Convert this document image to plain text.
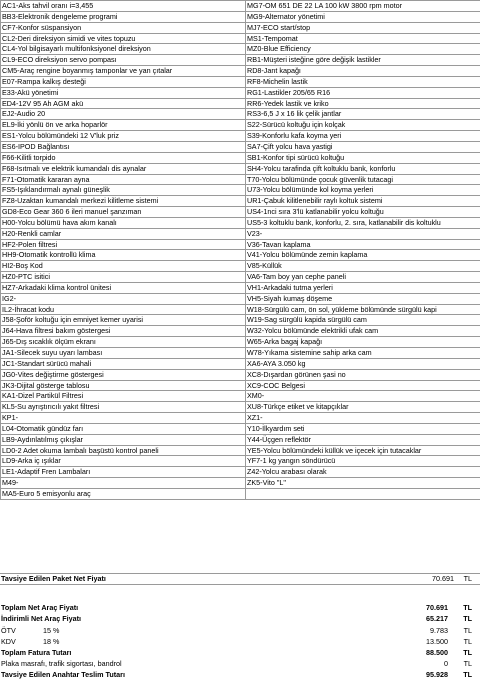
AC1-Aks tahvil oranı i=3,455	MG7-OM 651 DE 22 LA 100 kW 3800 rpm motor
BB3-Elektronik dengeleme programi	MG9-Alternator yönetimi
CF7-Konfor süspansiyon	MJ7-ECO start/stop
CL2-Deri direksiyon simidi ve vites topuzu	MS1-Tempomat
CL4-Yol bilgisayarlı multifonksiyonel direksiyon	MZ0-Blue Efficiency
CL9-ECO direksiyon servo pompası	RB1-Müşteri isteğine göre değişik lastikler
CM5-Araç rengine boyanmış tamponlar ve yan çıtalar	RD8-Jant kapağı
E07-Rampa kalkış desteği	RF8-Michelin lastik
E33-Akü yönetimi	RG1-Lastikler 205/65 R16
ED4-12V 95 Ah AGM akü	RR6-Yedek lastik ve kriko
EJ2-Audio 20	RS3-6,5 J x 16 lik çelik jantlar
EL9-İki yönlü ön ve arka hoparlör	S22-Sürücü koltuğu için kolçak
ES1-Yolcu bölümündeki 12 V'luk priz	S39-Konforlu kafa koyma yeri
ES6-IPOD Bağlantısı	SA7-Çift yolcu hava yastigi
F66-Kilitli torpido	SB1-Konfor tipi sürücü koltuğu
F68-Isıtmalı ve elektrik kumandalı dis aynalar	SH4-Yolcu tarafinda çift koltuklu bank, konforlu
F71-Otomatik kararan ayna	T70-Yolcu bölümünde çocuk güvenlik tutacagi
FS5-Işıklandırmalı aynalı güneşlik	U73-Yolcu bölümünde kol koyma yerleri
FZ8-Uzaktan kumandalı merkezi kilitleme sistemi	UR1-Çabuk kilitlenebilir raylı koltuk sistemi
GD8-Eco Gear 360 6 ileri manuel şanzıman	US4-1nci sıra 3'lü katlanabilir yolcu koltuğu
H00-Yolcu bölümü hava akım kanalı	US5-3 koltuklu bank, konforlu, 2. sıra, katlanabilir dis koltuklu
H20-Renkli camlar	V23-
HF2-Polen filtresi	V36-Tavan kaplama
HH9-Otomatik kontrollü klima	V41-Yolcu bölümünde zemin kaplama
HI2-Boş Kod	V85-Küllük
HZ0-PTC isitici	VA6-Tam boy yan cephe paneli
HZ7-Arkadaki klima kontrol ünitesi	VH1-Arkadaki tutma yerleri
IG2-	VH5-Siyah kumaş döşeme
IL2-İhracat kodu	W18-Sürgülü cam, ön sol, yükleme bölümünde sürgülü kapi
J58-Şoför koltuğu için emniyet kemer uyarisi	W19-Sag sürgülü kapida sürgülü cam
J64-Hava filtresi bakım göstergesi	W32-Yolcu bölümünde elektrikli ufak cam
J65-Dış sıcaklık ölçüm ekranı	W65-Arka bagaj kapağı
JA1-Silecek suyu uyarı lambası	W78-Yıkama sistemine sahip arka cam
JC1-Standart sürücü mahali	XA6-AYA 3.050 kg
JG0-Vites değiştirme göstergesi	XC8-Dışardan görünen şasi no
JK3-Dijital gösterge tablosu	XC9-COC Belgesi
KA1-Dizel Partikül Filtresi	XM0-
KL5-Su ayrıştırıcılı yakıt filtresi	XU8-Türkçe etiket ve kitapçıklar
KP1-	XZ1-
L04-Otomatik gündüz farı	Y10-İlkyardım seti
LB9-Aydınlatılmış çıkışlar	Y44-Üçgen reflektör
LD0-2 Adet okuma lambalı başüstü kontrol paneli	YE5-Yolcu bölümündeki küllük ve içecek için tutacaklar
LD9-Arka iç ışıklar	YF7-1 kg yangın söndürücü
LE1-Adaptif Fren Lambaları	Z42-Yolcu arabası olarak
M49-	ZK5-Vito "L"
MA5-Euro 5 emisyonlu araç	
Tavsiye Edilen Paket Net Fiyatı	70.691 TL
Toplam Net Araç Fiyatı	70.691 TL
İndirimli Net Araç Fiyatı	65.217 TL
ÖTV	15 %	9.783 TL
KDV	18 %	13.500 TL
Toplam Fatura Tutarı	88.500 TL
Plaka masrafı, trafik sigortası, bandrol	0 TL
Tavsiye Edilen Anahtar Teslim Tutarı	95.928 TL
